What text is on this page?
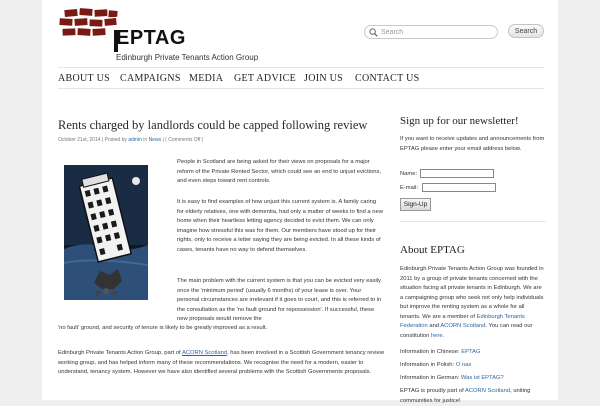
EPTAG
Edinburgh Private Tenants Action Group
Search
Search
ABOUT US CAMPAIGNS MEDIA GET ADVICE JOIN US CONTACT US
Rents charged by landlords could be capped following review
October 21st, 2014 | Posted by admin in News | ( Comments Off )

People in Scotland are being asked for their views on proposals for a major reform of the Private Rented Sector, which could see an end to unjust evictions, and even steps toward rent controls.

It is easy to find examples of how unjust this current system is. A family caring for elderly relatives, one with dementia, had only a matter of weeks to find a new home when their heartless letting agency decided to evict them. We can only imagine how stressful this was for them. Our members have stood up for their rights, only to receive a letter saying they are being evicted. In all these kinds of cases, tenants have no way to defend themselves.

The main problem with the current system is that you can be evicted very easily once the 'minimum period' (usually 6 months) of your lease is over. Your personal circumstances are irrelevant if it goes to court, and this is referred to in the consultation as the 'no fault ground for repossession'. If successful, these new proposals would remove the

'no fault' ground, and security of tenure is likely to be greatly improved as a result.

Edinburgh Private Tenants Action Group, part of ACORN Scotland, has been involved in a Scottish Government tenancy review working group, and has helped inform many of these recommendations. We recognise the need for a modern, easier to understand, tenancy system. However we have also identified several problems with the Scottish Governments proposals.

Sign up for our newsletter!

If you want to receive updates and announcements from EPTAG please enter your email address below.

Name:
E-mail:
Sign-Up
About EPTAG

Edinburgh Private Tenants Action Group was founded in 2011 by a group of private tenants concerned with the situation facing all private tenants in Edinburgh. We are a campaigning group who seek not only help individuals but improve the renting system as a whole for all tenants. We are a member of Edinburgh Tenants Federation and ACORN Scotland. You can read our constitution here.

Information in Chinese: EPTAG

Information in Polish: O nas

Information in German: Was ist EPTAG?

EPTAG is proudly part of ACORN Scotland, uniting communities for justice!
